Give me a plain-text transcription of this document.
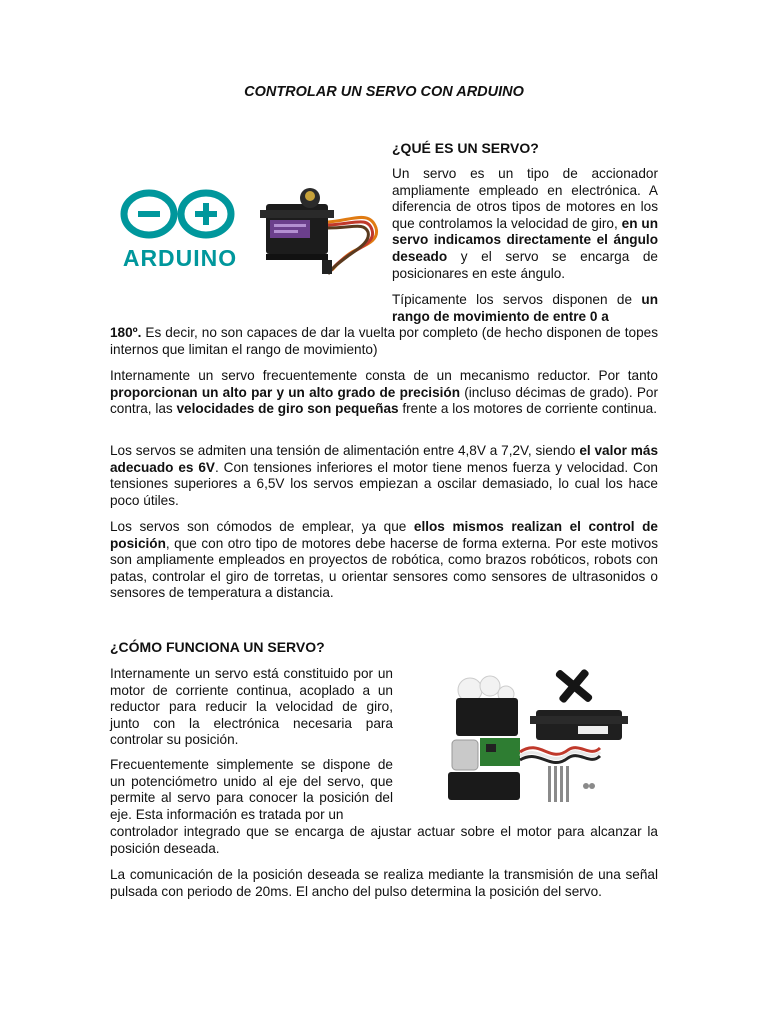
CONTROLAR UN SERVO CON ARDUINO
ARDUINO
¿QUÉ ES UN SERVO?

Un servo es un tipo de accionador ampliamente empleado en electrónica. A diferencia de otros tipos de motores en los que controlamos la velocidad de giro, en un servo indicamos directamente el ángulo deseado y el servo se encarga de posicionares en este ángulo.

Típicamente los servos disponen de un rango de movimiento de entre 0 a

180º. Es decir, no son capaces de dar la vuelta por completo (de hecho disponen de topes internos que limitan el rango de movimiento)

Internamente un servo frecuentemente consta de un mecanismo reductor. Por tanto proporcionan un alto par y un alto grado de precisión (incluso décimas de grado). Por contra, las velocidades de giro son pequeñas frente a los motores de corriente continua.

Los servos se admiten una tensión de alimentación entre 4,8V a 7,2V, siendo el valor más adecuado es 6V. Con tensiones inferiores el motor tiene menos fuerza y velocidad. Con tensiones superiores a 6,5V los servos empiezan a oscilar demasiado, lo cual los hace poco útiles.

Los servos son cómodos de emplear, ya que ellos mismos realizan el control de posición, que con otro tipo de motores debe hacerse de forma externa. Por este motivos son ampliamente empleados en proyectos de robótica, como brazos robóticos, robots con patas, controlar el giro de torretas, u orientar sensores como sensores de ultrasonidos o sensores de temperatura a distancia.

¿CÓMO FUNCIONA UN SERVO?

Internamente un servo está constituido por un motor de corriente continua, acoplado a un reductor para reducir la velocidad de giro, junto con la electrónica necesaria para controlar su posición.

Frecuentemente simplemente se dispone de un potenciómetro unido al eje del servo, que permite al servo para conocer la posición del eje. Esta información es tratada por un

controlador integrado que se encarga de ajustar actuar sobre el motor para alcanzar la posición deseada.

La comunicación de la posición deseada se realiza mediante la transmisión de una señal pulsada con periodo de 20ms. El ancho del pulso determina la posición del servo.
